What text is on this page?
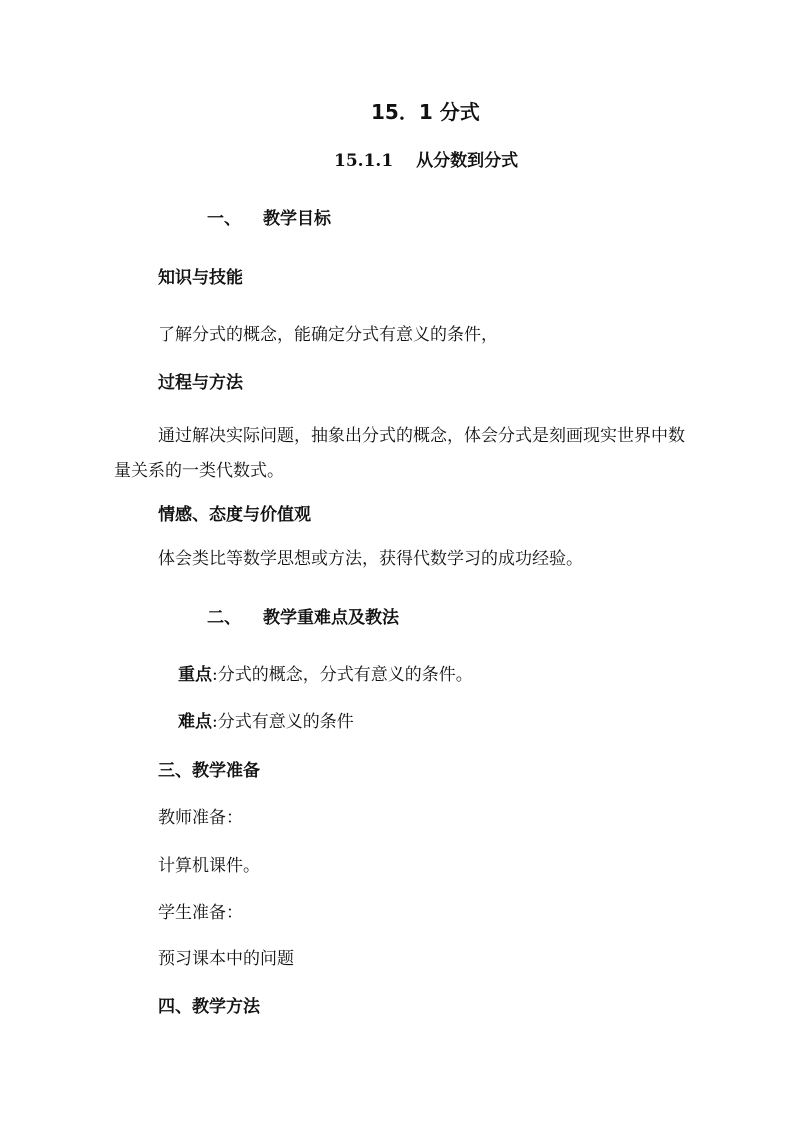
15．1 分式
15.1.1　 从分数到分式
一、 教学目标
知识与技能
了解分式的概念，能确定分式有意义的条件，
过程与方法
通过解决实际问题，抽象出分式的概念，体会分式是刻画现实世界中数量关系的一类代数式。
情感、态度与价值观
体会类比等数学思想或方法，获得代数学习的成功经验。
二、 教学重难点及教法
重点:分式的概念，分式有意义的条件。
难点:分式有意义的条件
三、教学准备
教师准备：
计算机课件。
学生准备：
预习课本中的问题
四、教学方法
